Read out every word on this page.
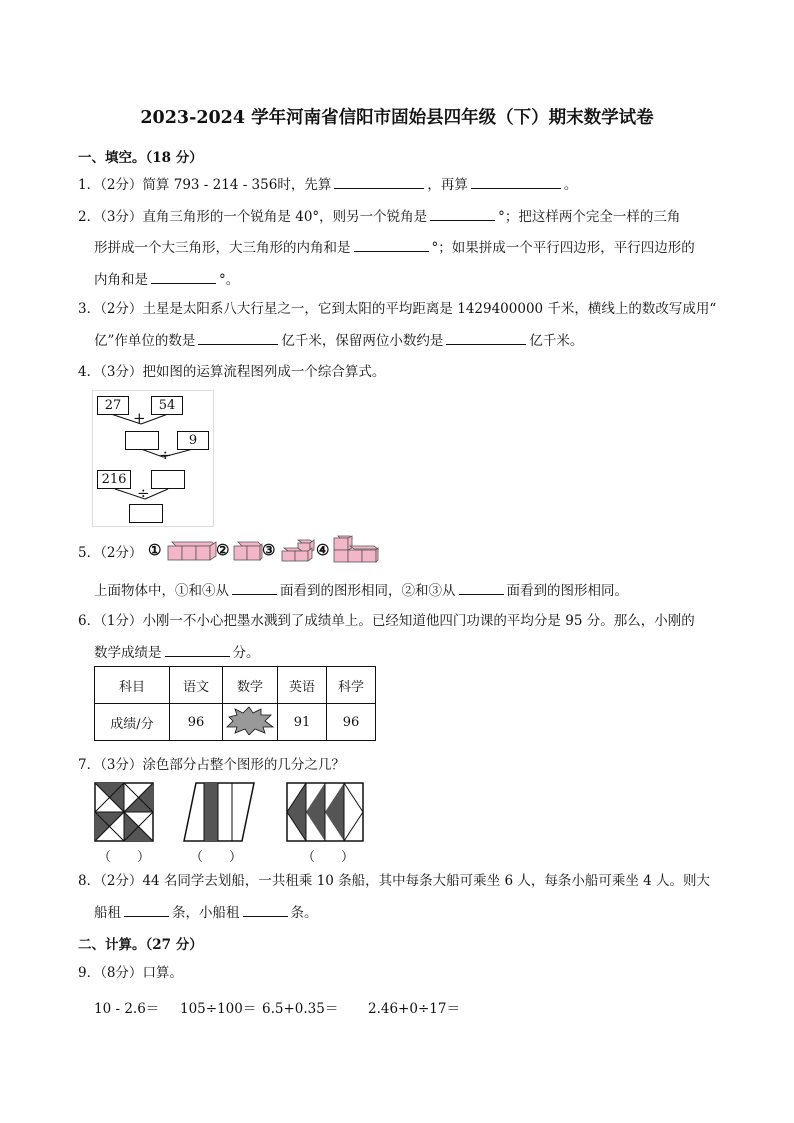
2023-2024 学年河南省信阳市固始县四年级（下）期末数学试卷
一、填空。（18 分）
1．（2分）简算 793 - 214 - 356时，先算	，再算	。
2．（3分）直角三角形的一个锐角是 40°，则另一个锐角是	°；把这样两个完全一样的三角
形拼成一个大三角形，大三角形的内角和是	°；如果拼成一个平行四边形，平行四边形的
内角和是	°。
3．（2分）土星是太阳系八大行星之一，它到太阳的平均距离是 1429400000 千米，横线上的数改写成用“
亿”作单位的数是	亿千米，保留两位小数约是	亿千米。
4．（3分）把如图的运算流程图列成一个综合算式。
27	54
+
9
÷
216
÷
5．（2分） ①	② ③	④
上面物体中，①和④从	面看到的图形相同，②和③从	面看到的图形相同。
6．（1分）小刚一不小心把墨水溅到了成绩单上。已经知道他四门功课的平均分是 95 分。那么，小刚的
数学成绩是	分。
科目	语文	数学	英语	科学
成绩/分	96		91	96
7．（3分）涂色部分占整个图形的几分之几？
（　　）	（　　）	（　　）
8．（2分）44 名同学去划船，一共租乘 10 条船，其中每条大船可乘坐 6 人，每条小船可乘坐 4 人。则大
船租	条，小船租	条。
二、计算。（27 分）
9．（8分）口算。
10 - 2.6＝ 105÷100＝ 6.5+0.35＝ 2.46+0÷17＝
